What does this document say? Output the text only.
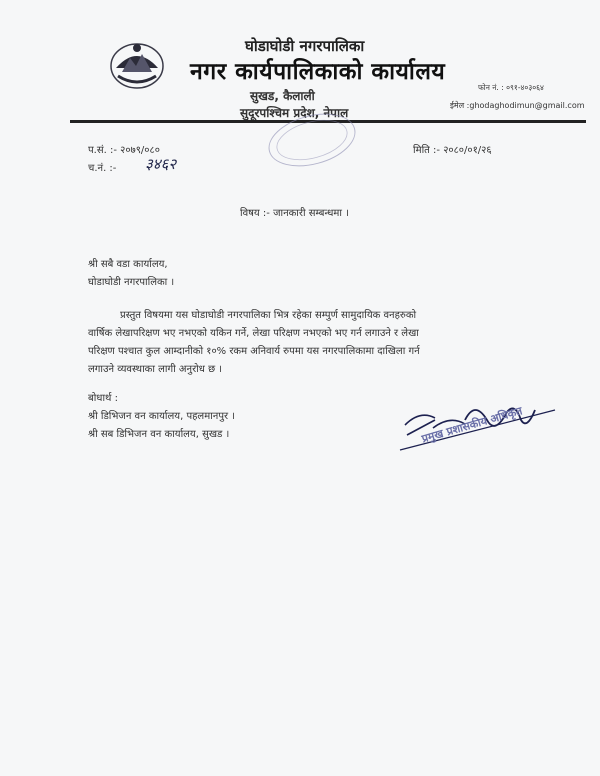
घोडाघोडी नगरपालिका
नगर कार्यपालिकाको कार्यालय
सुखड, कैलाली
सुदूरपश्चिम प्रदेश, नेपाल
फोन नं. : ०९१-४०३०६४
ईमेल :ghodaghodimun@gmail.com
प.सं. :- २०७९/०८०
च.नं. :- ३४६२
मिति :- २०८०/०१/२६
विषय :- जानकारी सम्बन्धमा ।
श्री सबै वडा कार्यालय,
घोडाघोडी नगरपालिका ।
प्रस्तुत विषयमा यस घोडाघोडी नगरपालिका भित्र रहेका सम्पुर्ण सामुदायिक वनहरुको
वार्षिक लेखापरिक्षण भए नभएको यकिन गर्ने, लेखा परिक्षण नभएको भए गर्न लगाउने र लेखा
परिक्षण पश्चात कुल आम्दानीको १०% रकम अनिवार्य रुपमा यस नगरपालिकामा दाखिला गर्न
लगाउने व्यवस्थाका लागी अनुरोध छ ।
बोधार्थ :
श्री डिभिजन वन कार्यालय, पहलमानपुर ।
श्री सब डिभिजन वन कार्यालय, सुखड ।	प्रमुख प्रशासकीय अधिकृत
